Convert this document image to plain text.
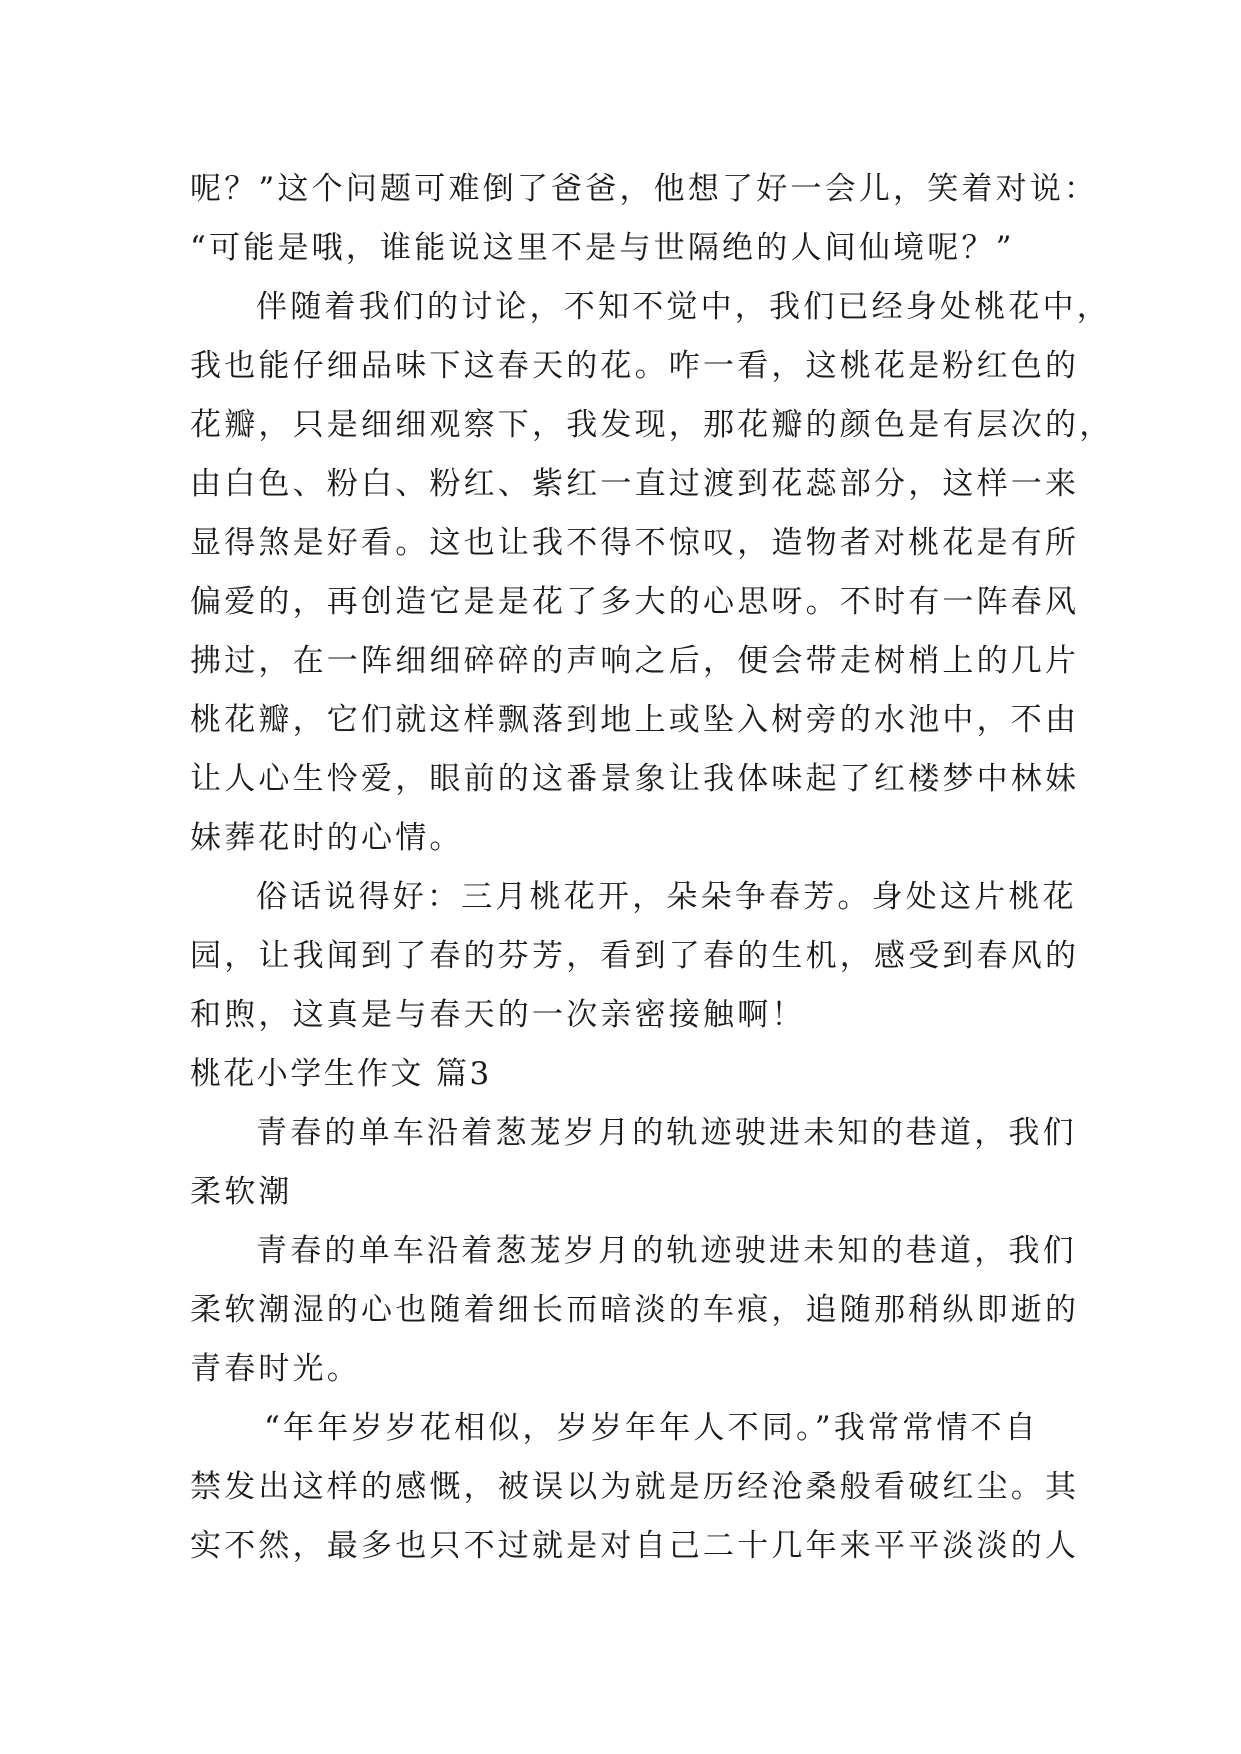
呢？”这个问题可难倒了爸爸，他想了好一会儿，笑着对说：
“可能是哦，谁能说这里不是与世隔绝的人间仙境呢？”
伴随着我们的讨论，不知不觉中，我们已经身处桃花中，
我也能仔细品味下这春天的花。咋一看，这桃花是粉红色的
花瓣，只是细细观察下，我发现，那花瓣的颜色是有层次的，
由白色、粉白、粉红、紫红一直过渡到花蕊部分，这样一来
显得煞是好看。这也让我不得不惊叹，造物者对桃花是有所
偏爱的，再创造它是是花了多大的心思呀。不时有一阵春风
拂过，在一阵细细碎碎的声响之后，便会带走树梢上的几片
桃花瓣，它们就这样飘落到地上或坠入树旁的水池中，不由
让人心生怜爱，眼前的这番景象让我体味起了红楼梦中林妹
妹葬花时的心情。
俗话说得好：三月桃花开，朵朵争春芳。身处这片桃花
园，让我闻到了春的芬芳，看到了春的生机，感受到春风的
和煦，这真是与春天的一次亲密接触啊！
桃花小学生作文 篇3
青春的单车沿着葱茏岁月的轨迹驶进未知的巷道，我们
柔软潮
青春的单车沿着葱茏岁月的轨迹驶进未知的巷道，我们
柔软潮湿的心也随着细长而暗淡的车痕，追随那稍纵即逝的
青春时光。
“年年岁岁花相似，岁岁年年人不同。”我常常情不自
禁发出这样的感慨，被误以为就是历经沧桑般看破红尘。其
实不然，最多也只不过就是对自己二十几年来平平淡淡的人
